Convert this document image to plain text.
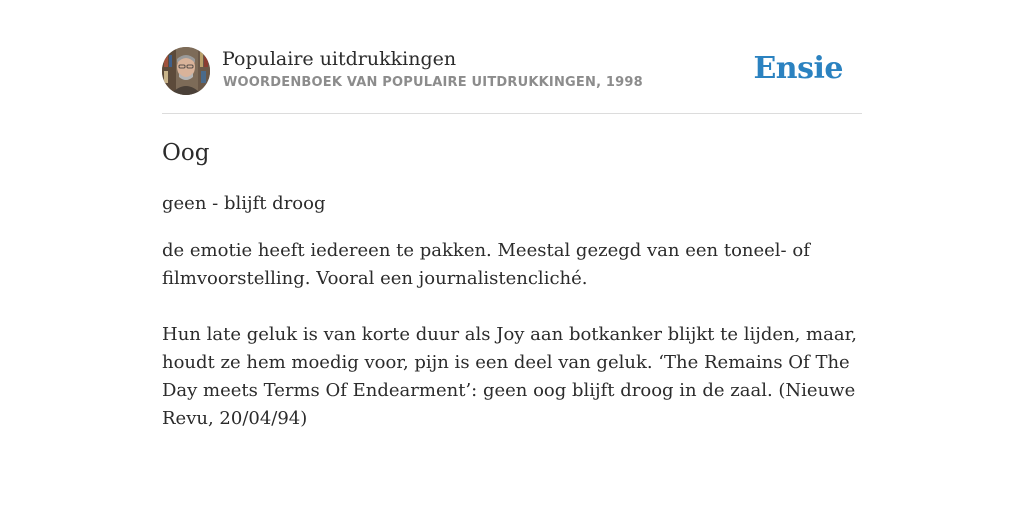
Populaire uitdrukkingen
WOORDENBOEK VAN POPULAIRE UITDRUKKINGEN, 1998	Ensie
Oog
geen - blijft droog

de emotie heeft iedereen te pakken. Meestal gezegd van een toneel- of filmvoorstelling. Vooral een journalistencliché.

Hun late geluk is van korte duur als Joy aan botkanker blijkt te lijden, maar, houdt ze hem moedig voor, pijn is een deel van geluk. ‘The Remains Of The Day meets Terms Of Endearment’: geen oog blijft droog in de zaal. (Nieuwe Revu, 20/04/94)
